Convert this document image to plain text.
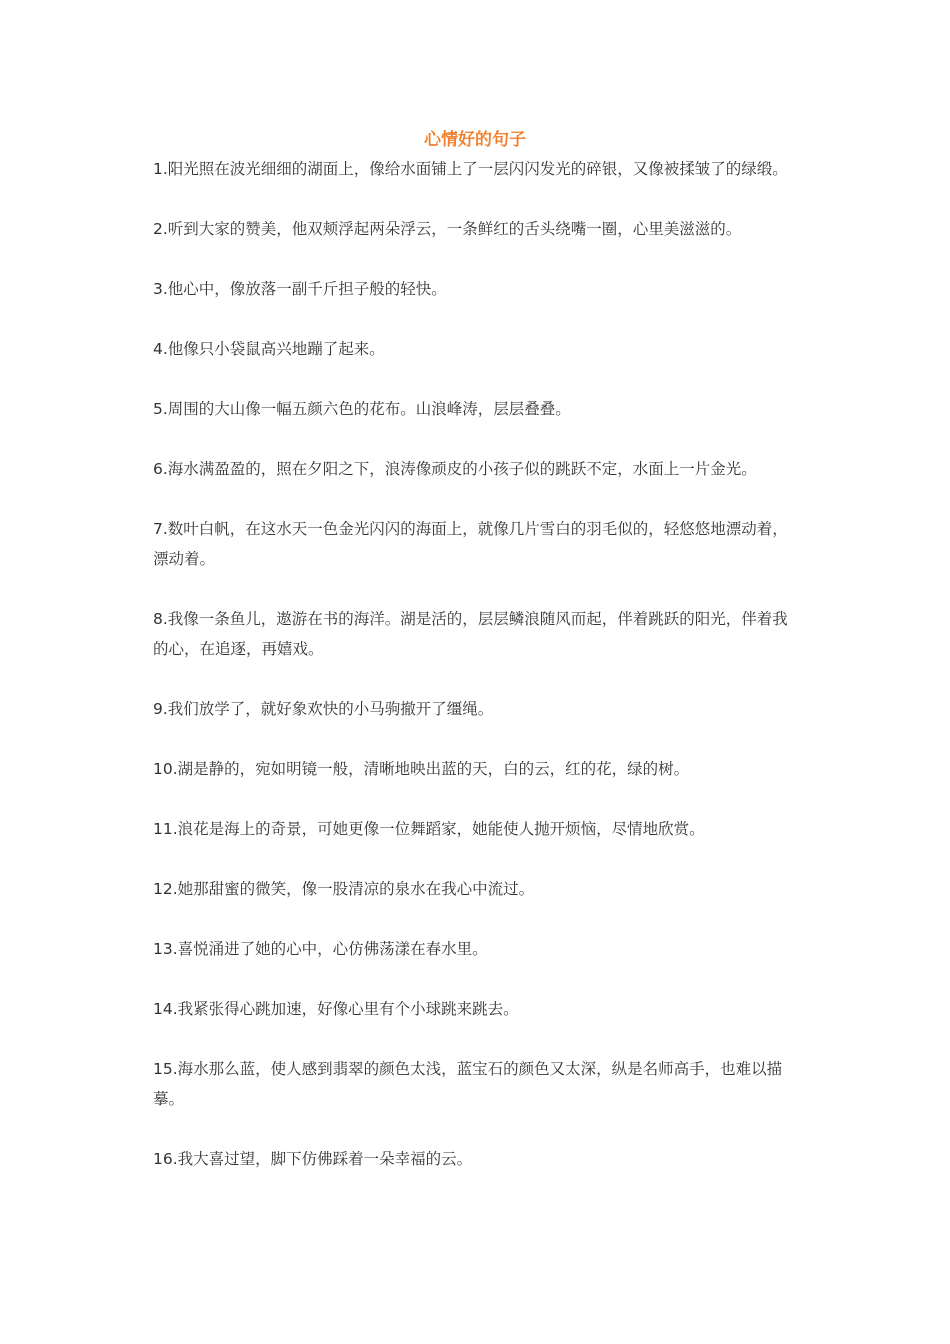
心情好的句子

1.阳光照在波光细细的湖面上，像给水面铺上了一层闪闪发光的碎银，又像被揉皱了的绿缎。

2.听到大家的赞美，他双颊浮起两朵浮云，一条鲜红的舌头绕嘴一圈，心里美滋滋的。

3.他心中，像放落一副千斤担子般的轻快。

4.他像只小袋鼠高兴地蹦了起来。

5.周围的大山像一幅五颜六色的花布。山浪峰涛，层层叠叠。

6.海水满盈盈的，照在夕阳之下，浪涛像顽皮的小孩子似的跳跃不定，水面上一片金光。

7.数叶白帆，在这水天一色金光闪闪的海面上，就像几片雪白的羽毛似的，轻悠悠地漂动着，漂动着。

8.我像一条鱼儿，遨游在书的海洋。湖是活的，层层鳞浪随风而起，伴着跳跃的阳光，伴着我的心，在追逐，再嬉戏。

9.我们放学了，就好象欢快的小马驹撤开了缰绳。

10.湖是静的，宛如明镜一般，清晰地映出蓝的天，白的云，红的花，绿的树。

11.浪花是海上的奇景，可她更像一位舞蹈家，她能使人抛开烦恼，尽情地欣赏。

12.她那甜蜜的微笑，像一股清凉的泉水在我心中流过。

13.喜悦涌进了她的心中，心仿佛荡漾在春水里。

14.我紧张得心跳加速，好像心里有个小球跳来跳去。

15.海水那么蓝，使人感到翡翠的颜色太浅，蓝宝石的颜色又太深，纵是名师高手，也难以描摹。

16.我大喜过望，脚下仿佛踩着一朵幸福的云。
